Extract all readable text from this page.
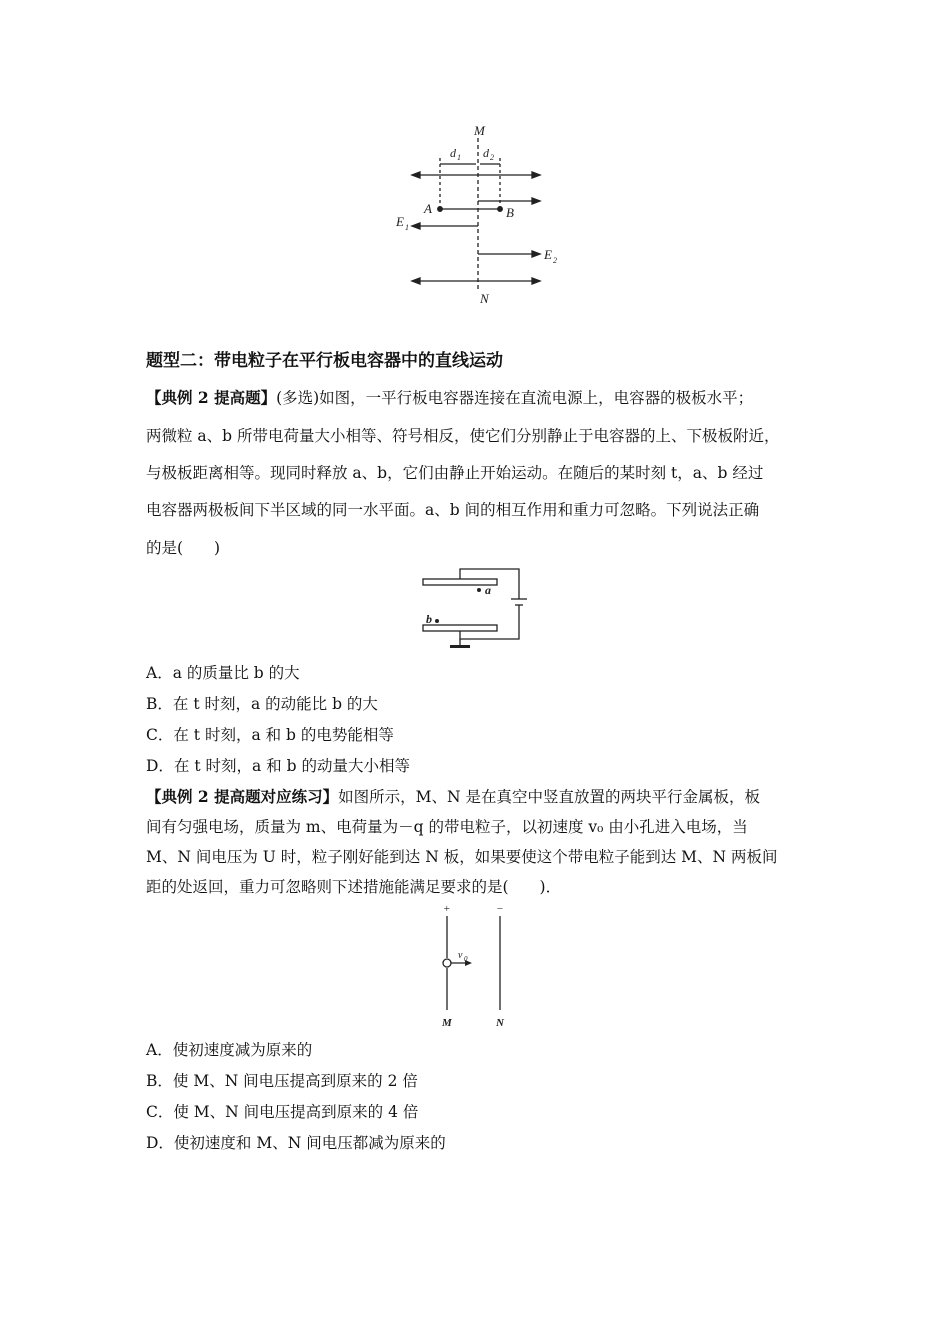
M
N
d 1 d 2
A	B
E 1
E 2
题型二：带电粒子在平行板电容器中的直线运动
【典例 2 提高题】(多选)如图，一平行板电容器连接在直流电源上，电容器的极板水平；
两微粒 a、b 所带电荷量大小相等、符号相反，使它们分别静止于电容器的上、下极板附近，
与极板距离相等。现同时释放 a、b，它们由静止开始运动。在随后的某时刻 t，a、b 经过
电容器两极板间下半区域的同一水平面。a、b 间的相互作用和重力可忽略。下列说法正确
的是(　　)
a
b
A．a 的质量比 b 的大
B．在 t 时刻，a 的动能比 b 的大
C．在 t 时刻，a 和 b 的电势能相等
D．在 t 时刻，a 和 b 的动量大小相等
【典例 2 提高题对应练习】如图所示，M、N 是在真空中竖直放置的两块平行金属板，板
间有匀强电场，质量为 m、电荷量为－q 的带电粒子，以初速度 v₀ 由小孔进入电场，当
M、N 间电压为 U 时，粒子刚好能到达 N 板，如果要使这个带电粒子能到达 M、N 两板间
距的处返回，重力可忽略则下述措施能满足要求的是(　　)．
+	−
v 0
M	N
A．使初速度减为原来的
B．使 M、N 间电压提高到原来的 2 倍
C．使 M、N 间电压提高到原来的 4 倍
D．使初速度和 M、N 间电压都减为原来的
